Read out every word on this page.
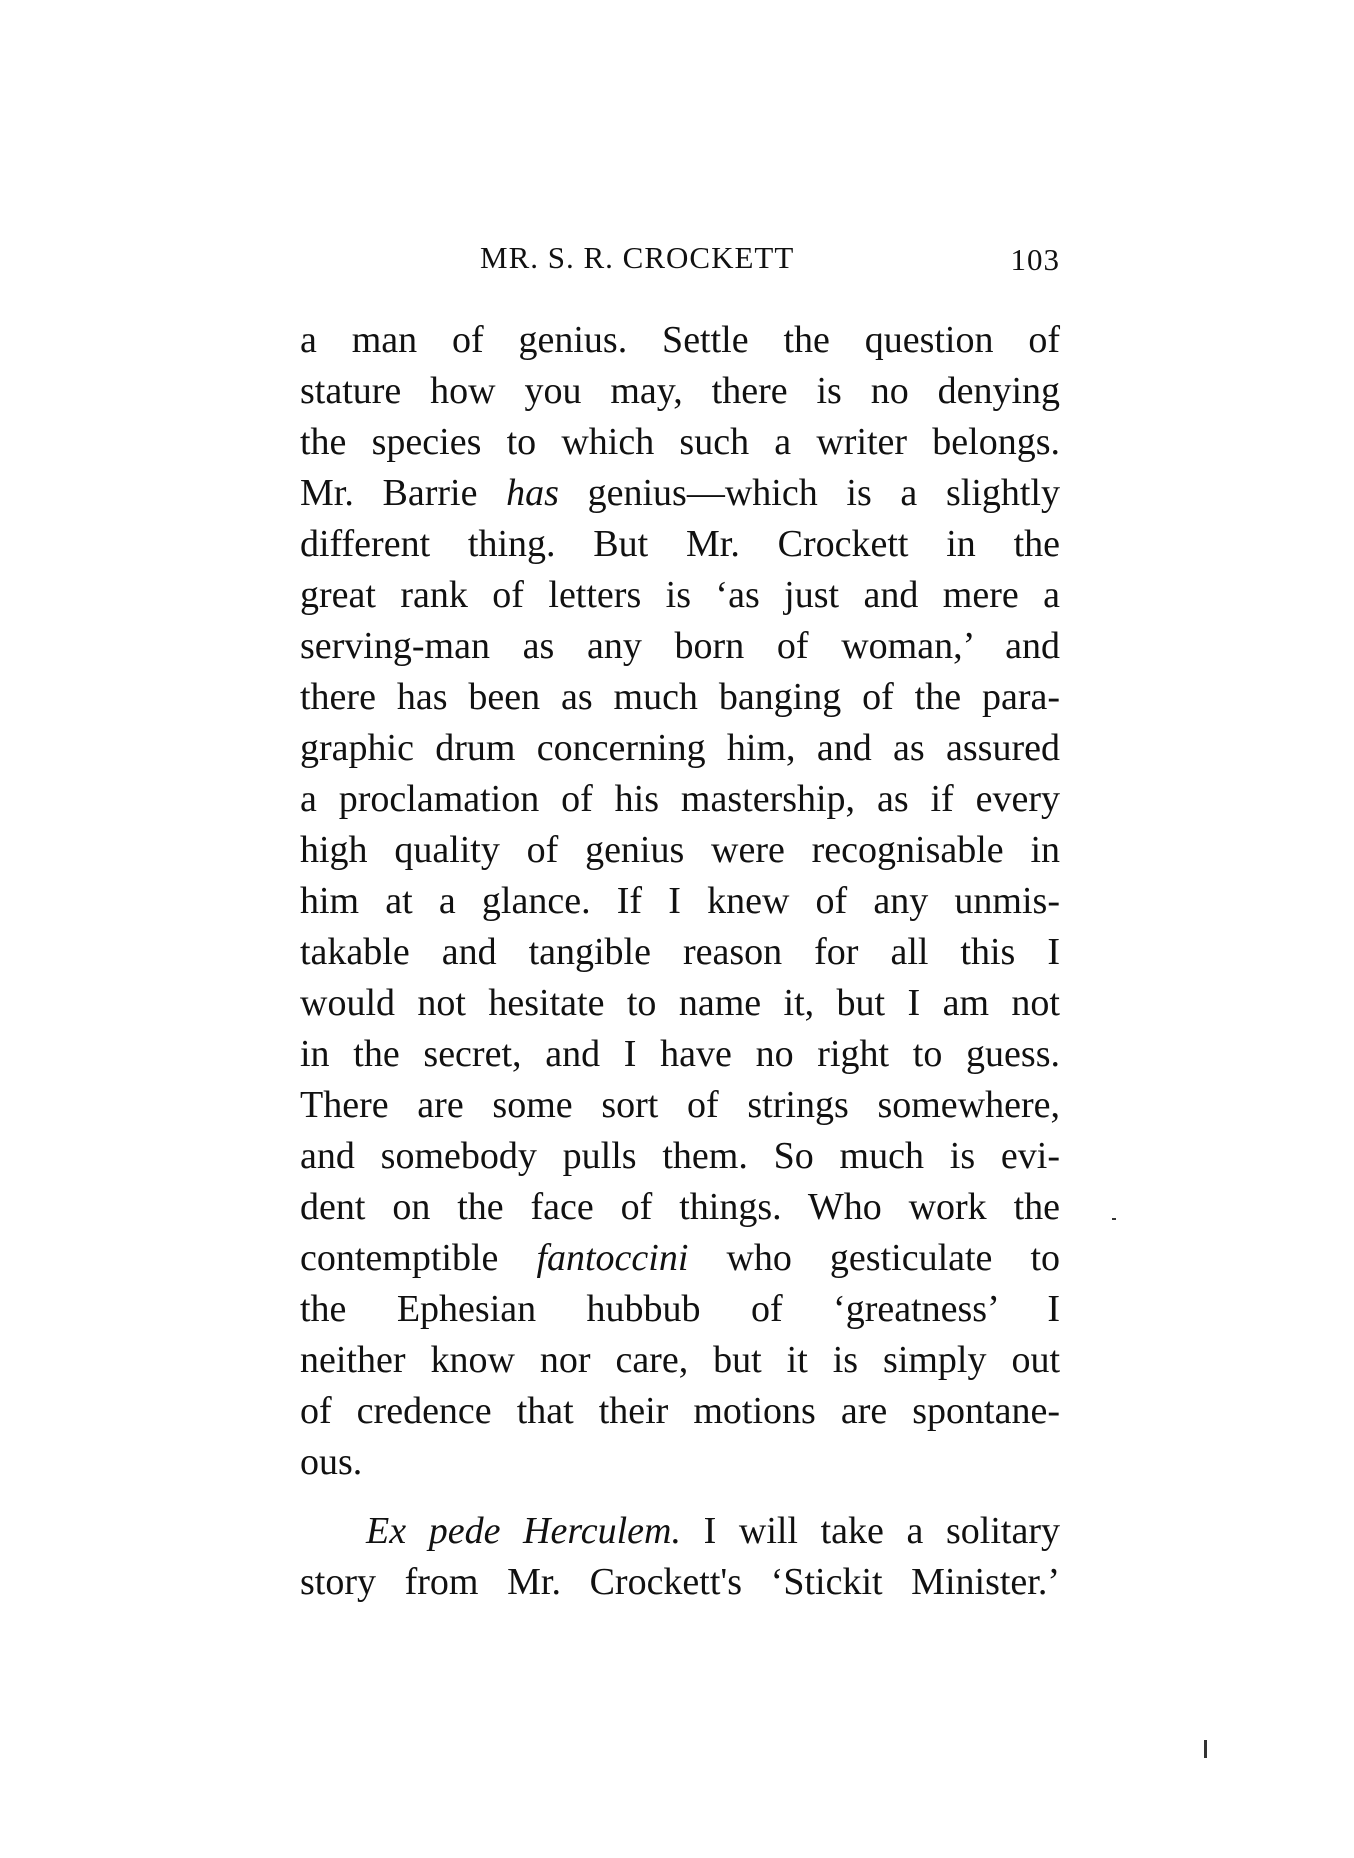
MR. S. R. CROCKETT	103
a man of genius. Settle the question of
stature how you may, there is no denying
the species to which such a writer belongs.
Mr. Barrie has genius—which is a slightly
different thing. But Mr. Crockett in the
great rank of letters is ‘as just and mere a
serving-man as any born of woman,’ and
there has been as much banging of the para-
graphic drum concerning him, and as assured
a proclamation of his mastership, as if every
high quality of genius were recognisable in
him at a glance. If I knew of any unmis-
takable and tangible reason for all this I
would not hesitate to name it, but I am not
in the secret, and I have no right to guess.
There are some sort of strings somewhere,
and somebody pulls them. So much is evi-
dent on the face of things. Who work the
contemptible fantoccini who gesticulate to
the Ephesian hubbub of ‘greatness’ I
neither know nor care, but it is simply out
of credence that their motions are spontane-
ous.
Ex pede Herculem. I will take a solitary
story from Mr. Crockett's ‘Stickit Minister.’
